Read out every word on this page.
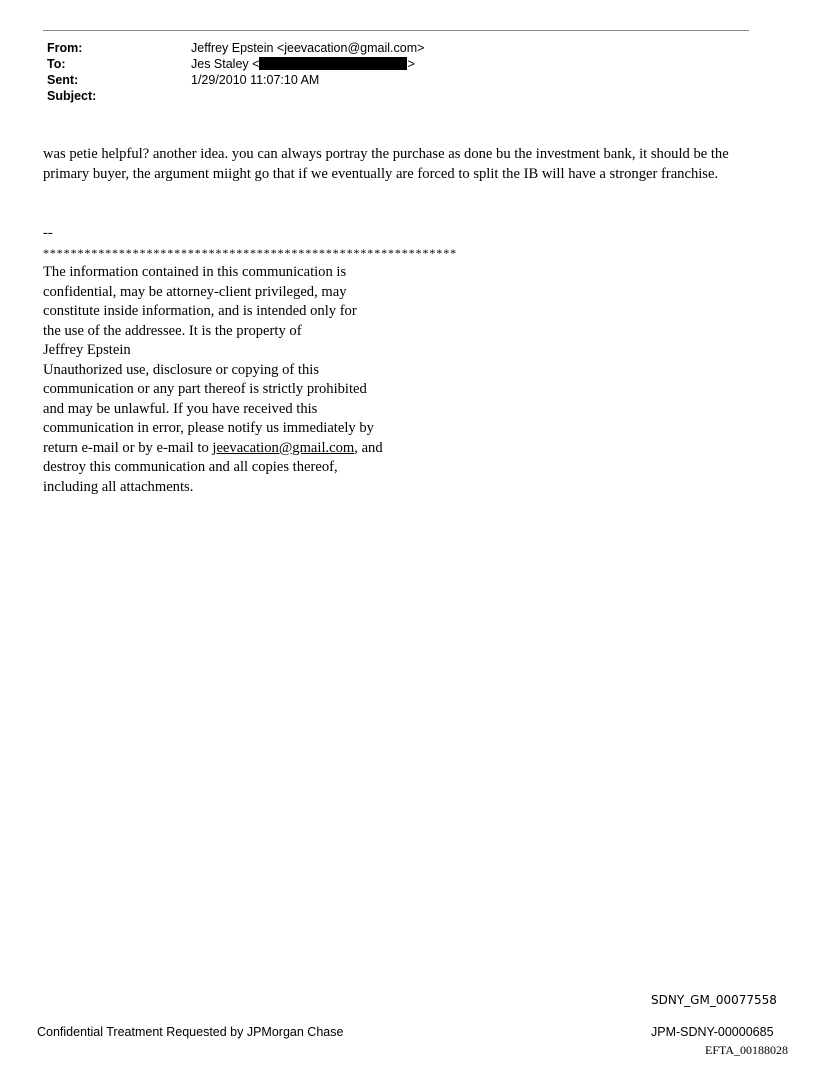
From:	Jeffrey Epstein <jeevacation@gmail.com>
To:	Jes Staley <	>
Sent:	1/29/2010 11:07:10 AM
Subject:
was petie helpful? another idea. you can always portray the purchase as done bu the investment bank, it should be the primary buyer, the argument miight go that if we eventually are forced to split the IB will have a stronger franchise.

--

************************************************************

The information contained in this communication is
confidential, may be attorney-client privileged, may
constitute inside information, and is intended only for
the use of the addressee. It is the property of
Jeffrey Epstein
Unauthorized use, disclosure or copying of this
communication or any part thereof is strictly prohibited
and may be unlawful. If you have received this
communication in error, please notify us immediately by
return e-mail or by e-mail to jeevacation@gmail.com, and
destroy this communication and all copies thereof,
including all attachments.
SDNY_GM_00077558
Confidential Treatment Requested by JPMorgan Chase	JPM-SDNY-00000685
EFTA_00188028
